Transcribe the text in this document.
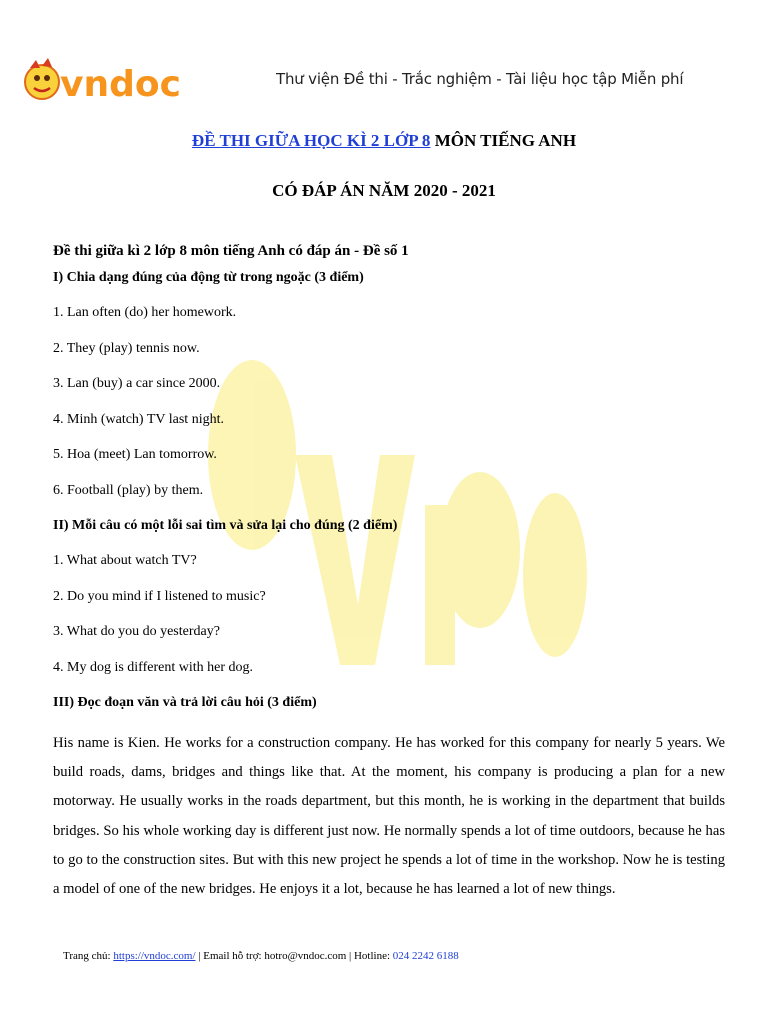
vndoc	Thư viện Đề thi - Trắc nghiệm - Tài liệu học tập Miễn phí
ĐỀ THI GIỮA HỌC KÌ 2 LỚP 8 MÔN TIẾNG ANH
CÓ ĐÁP ÁN NĂM 2020 - 2021
Đề thi giữa kì 2 lớp 8 môn tiếng Anh có đáp án - Đề số 1
I) Chia dạng đúng của động từ trong ngoặc (3 điểm)
1. Lan often (do) her homework.
2. They (play) tennis now.
3. Lan (buy) a car since 2000.
4. Minh (watch) TV last night.
5. Hoa (meet) Lan tomorrow.
6. Football (play) by them.
II) Mỗi câu có một lỗi sai tìm và sửa lại cho đúng (2 điểm)
1. What about watch TV?
2. Do you mind if I listened to music?
3. What do you do yesterday?
4. My dog is different with her dog.
III) Đọc đoạn văn và trả lời câu hỏi (3 điểm)
His name is Kien. He works for a construction company. He has worked for this company for nearly 5 years. We build roads, dams, bridges and things like that. At the moment, his company is producing a plan for a new motorway. He usually works in the roads department, but this month, he is working in the department that builds bridges. So his whole working day is different just now. He normally spends a lot of time outdoors, because he has to go to the construction sites. But with this new project he spends a lot of time in the workshop. Now he is testing a model of one of the new bridges. He enjoys it a lot, because he has learned a lot of new things.
Trang chủ: https://vndoc.com/ | Email hỗ trợ: hotro@vndoc.com | Hotline: 024 2242 6188
